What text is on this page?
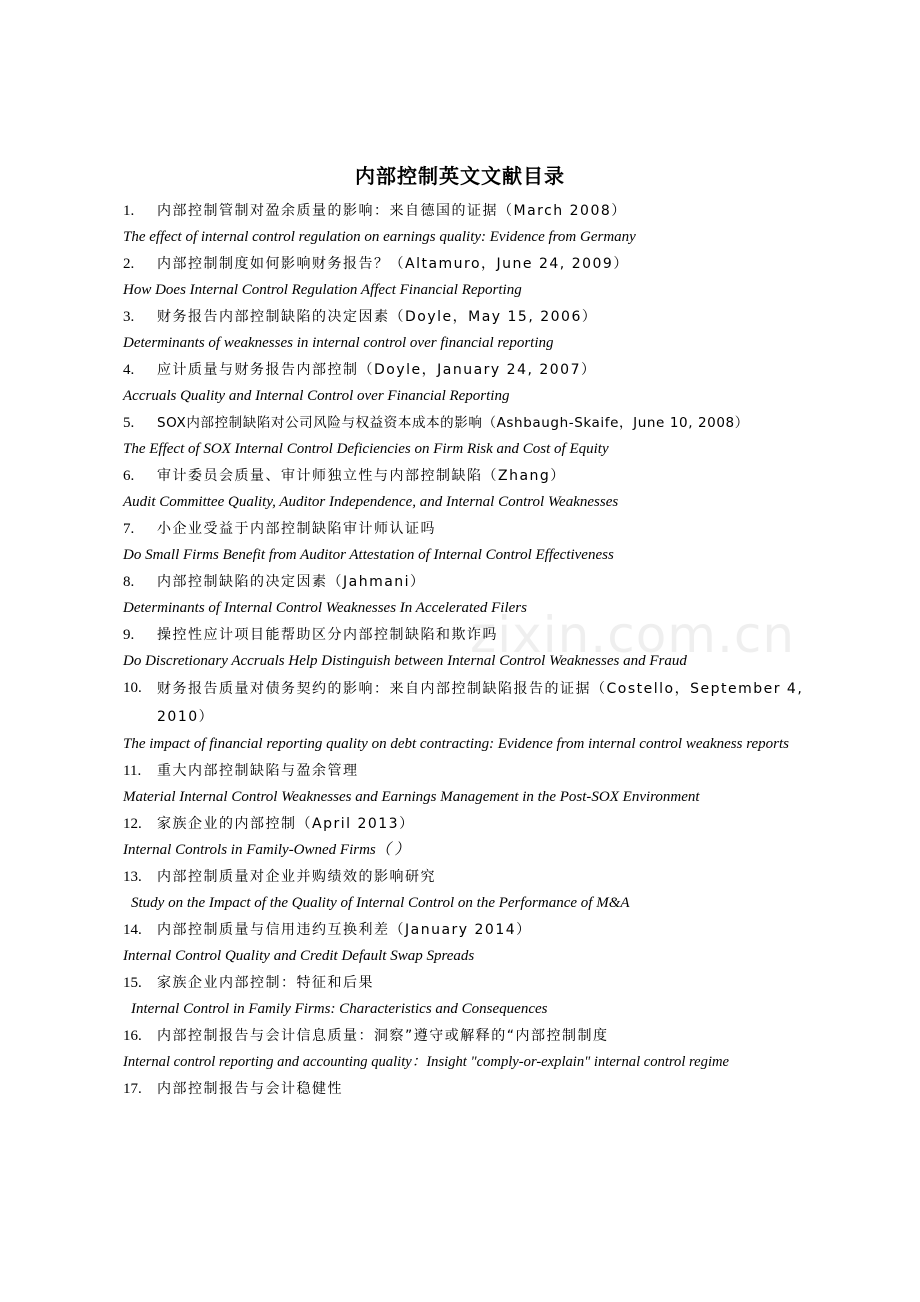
内部控制英文文献目录
zixin.com.cn
1.	内部控制管制对盈余质量的影响：来自德国的证据（March 2008）
The effect of internal control regulation on earnings quality: Evidence from Germany
2.	内部控制制度如何影响财务报告？（Altamuro，June 24, 2009）
How Does Internal Control Regulation Affect Financial Reporting
3.	财务报告内部控制缺陷的决定因素（Doyle，May 15, 2006）
Determinants of weaknesses in internal control over financial reporting
4.	应计质量与财务报告内部控制（Doyle，January 24, 2007）
Accruals Quality and Internal Control over Financial Reporting
5.	SOX内部控制缺陷对公司风险与权益资本成本的影响（Ashbaugh-Skaife，June 10, 2008）
The Effect of SOX Internal Control Deficiencies on Firm Risk and Cost of Equity
6.	审计委员会质量、审计师独立性与内部控制缺陷（Zhang）
Audit Committee Quality, Auditor Independence, and Internal Control Weaknesses
7.	小企业受益于内部控制缺陷审计师认证吗
Do Small Firms Benefit from Auditor Attestation of Internal Control Effectiveness
8.	内部控制缺陷的决定因素（Jahmani）
Determinants of Internal Control Weaknesses In Accelerated Filers
9.	操控性应计项目能帮助区分内部控制缺陷和欺诈吗
Do Discretionary Accruals Help Distinguish between Internal Control Weaknesses and Fraud
10.	财务报告质量对债务契约的影响：来自内部控制缺陷报告的证据（Costello，September 4, 2010）
The impact of financial reporting quality on debt contracting: Evidence from internal control weakness reports
11.	重大内部控制缺陷与盈余管理
Material Internal Control Weaknesses and Earnings Management in the Post-SOX Environment
12.	家族企业的内部控制（April 2013）
Internal Controls in Family-Owned Firms（ ）
13.	内部控制质量对企业并购绩效的影响研究
Study on the Impact of the Quality of Internal Control on the Performance of M&A
14.	内部控制质量与信用违约互换利差（January 2014）
Internal Control Quality and Credit Default Swap Spreads
15.	家族企业内部控制：特征和后果
Internal Control in Family Firms: Characteristics and Consequences
16.	内部控制报告与会计信息质量：洞察”遵守或解释的“内部控制制度
Internal control reporting and accounting quality：Insight "comply-or-explain" internal control regime
17.	内部控制报告与会计稳健性
